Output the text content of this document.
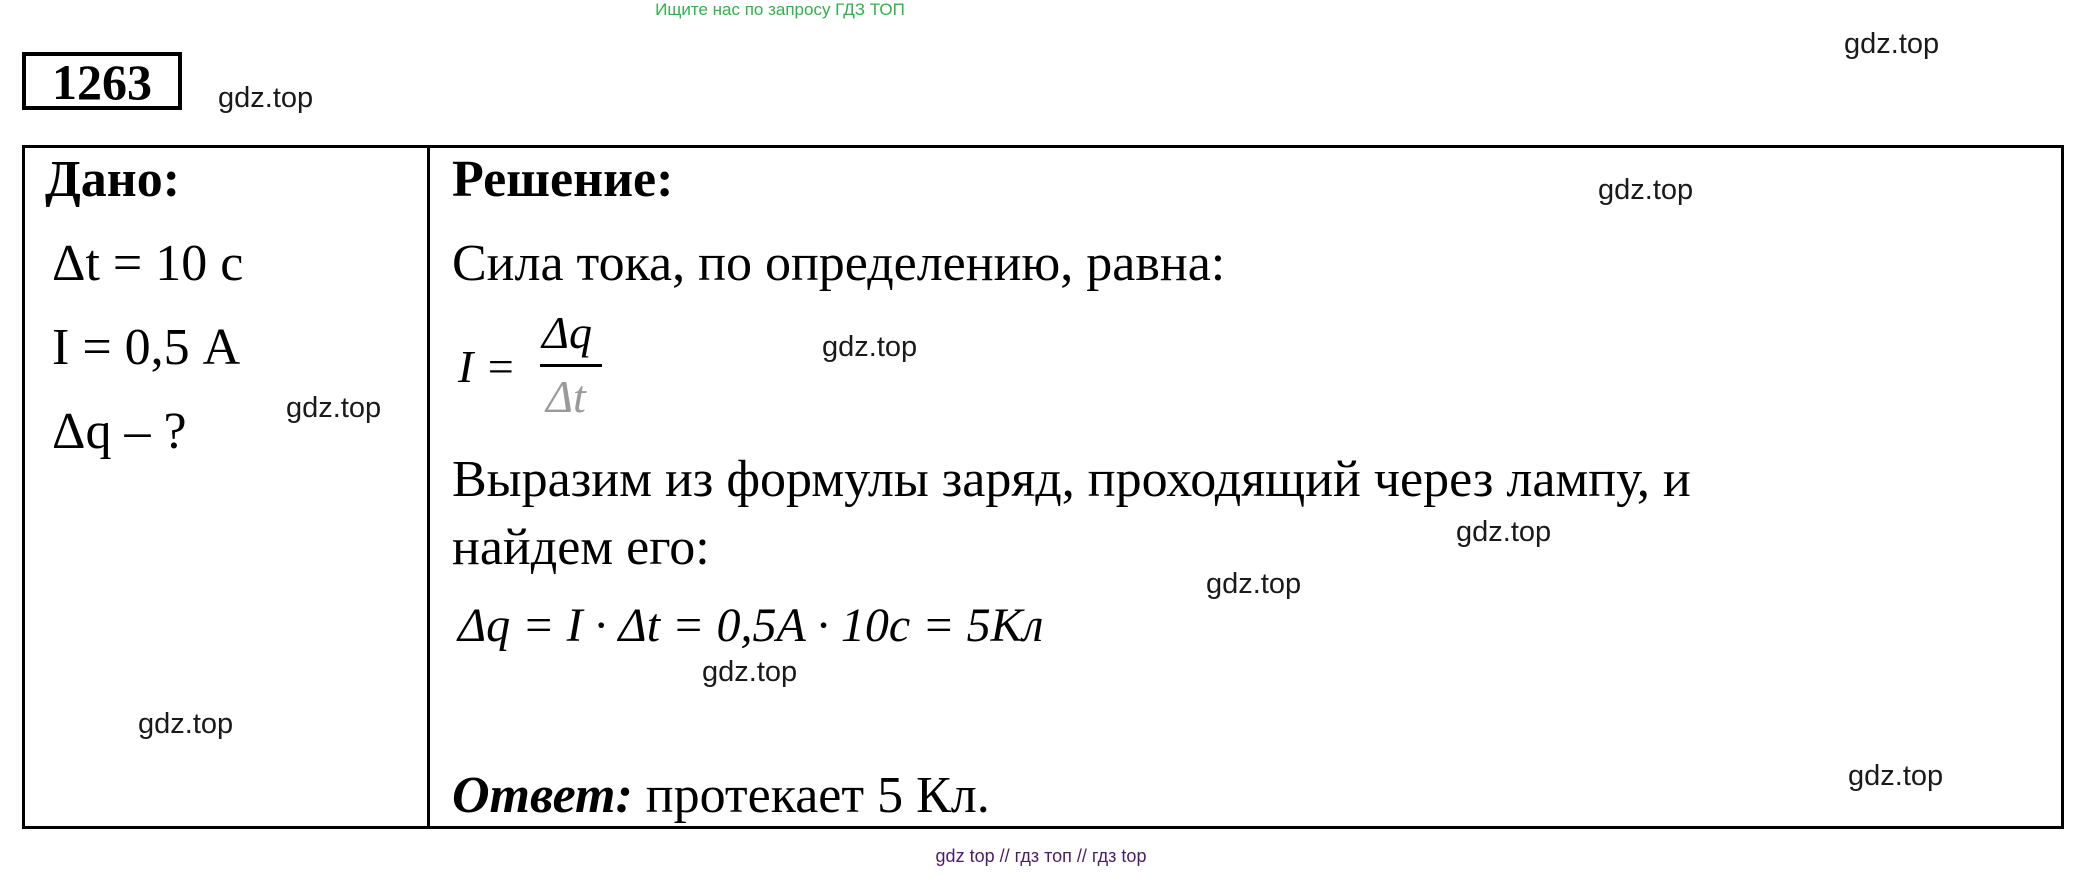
Ищите нас по запросу ГДЗ ТОП
1263
gdz.top
gdz.top
Дано:
Δt = 10 с
I = 0,5 А
Δq – ?
Решение:
Сила тока, по определению, равна:
I =
Δq
Δt
Выразим из формулы заряд, проходящий через лампу, и
найдем его:
Δq = I · Δt = 0,5A · 10c = 5Кл
Ответ: протекает 5 Кл.
gdz.top
gdz.top
gdz.top
gdz.top
gdz.top
gdz.top
gdz.top
gdz.top
gdz top // гдз топ // гдз top
